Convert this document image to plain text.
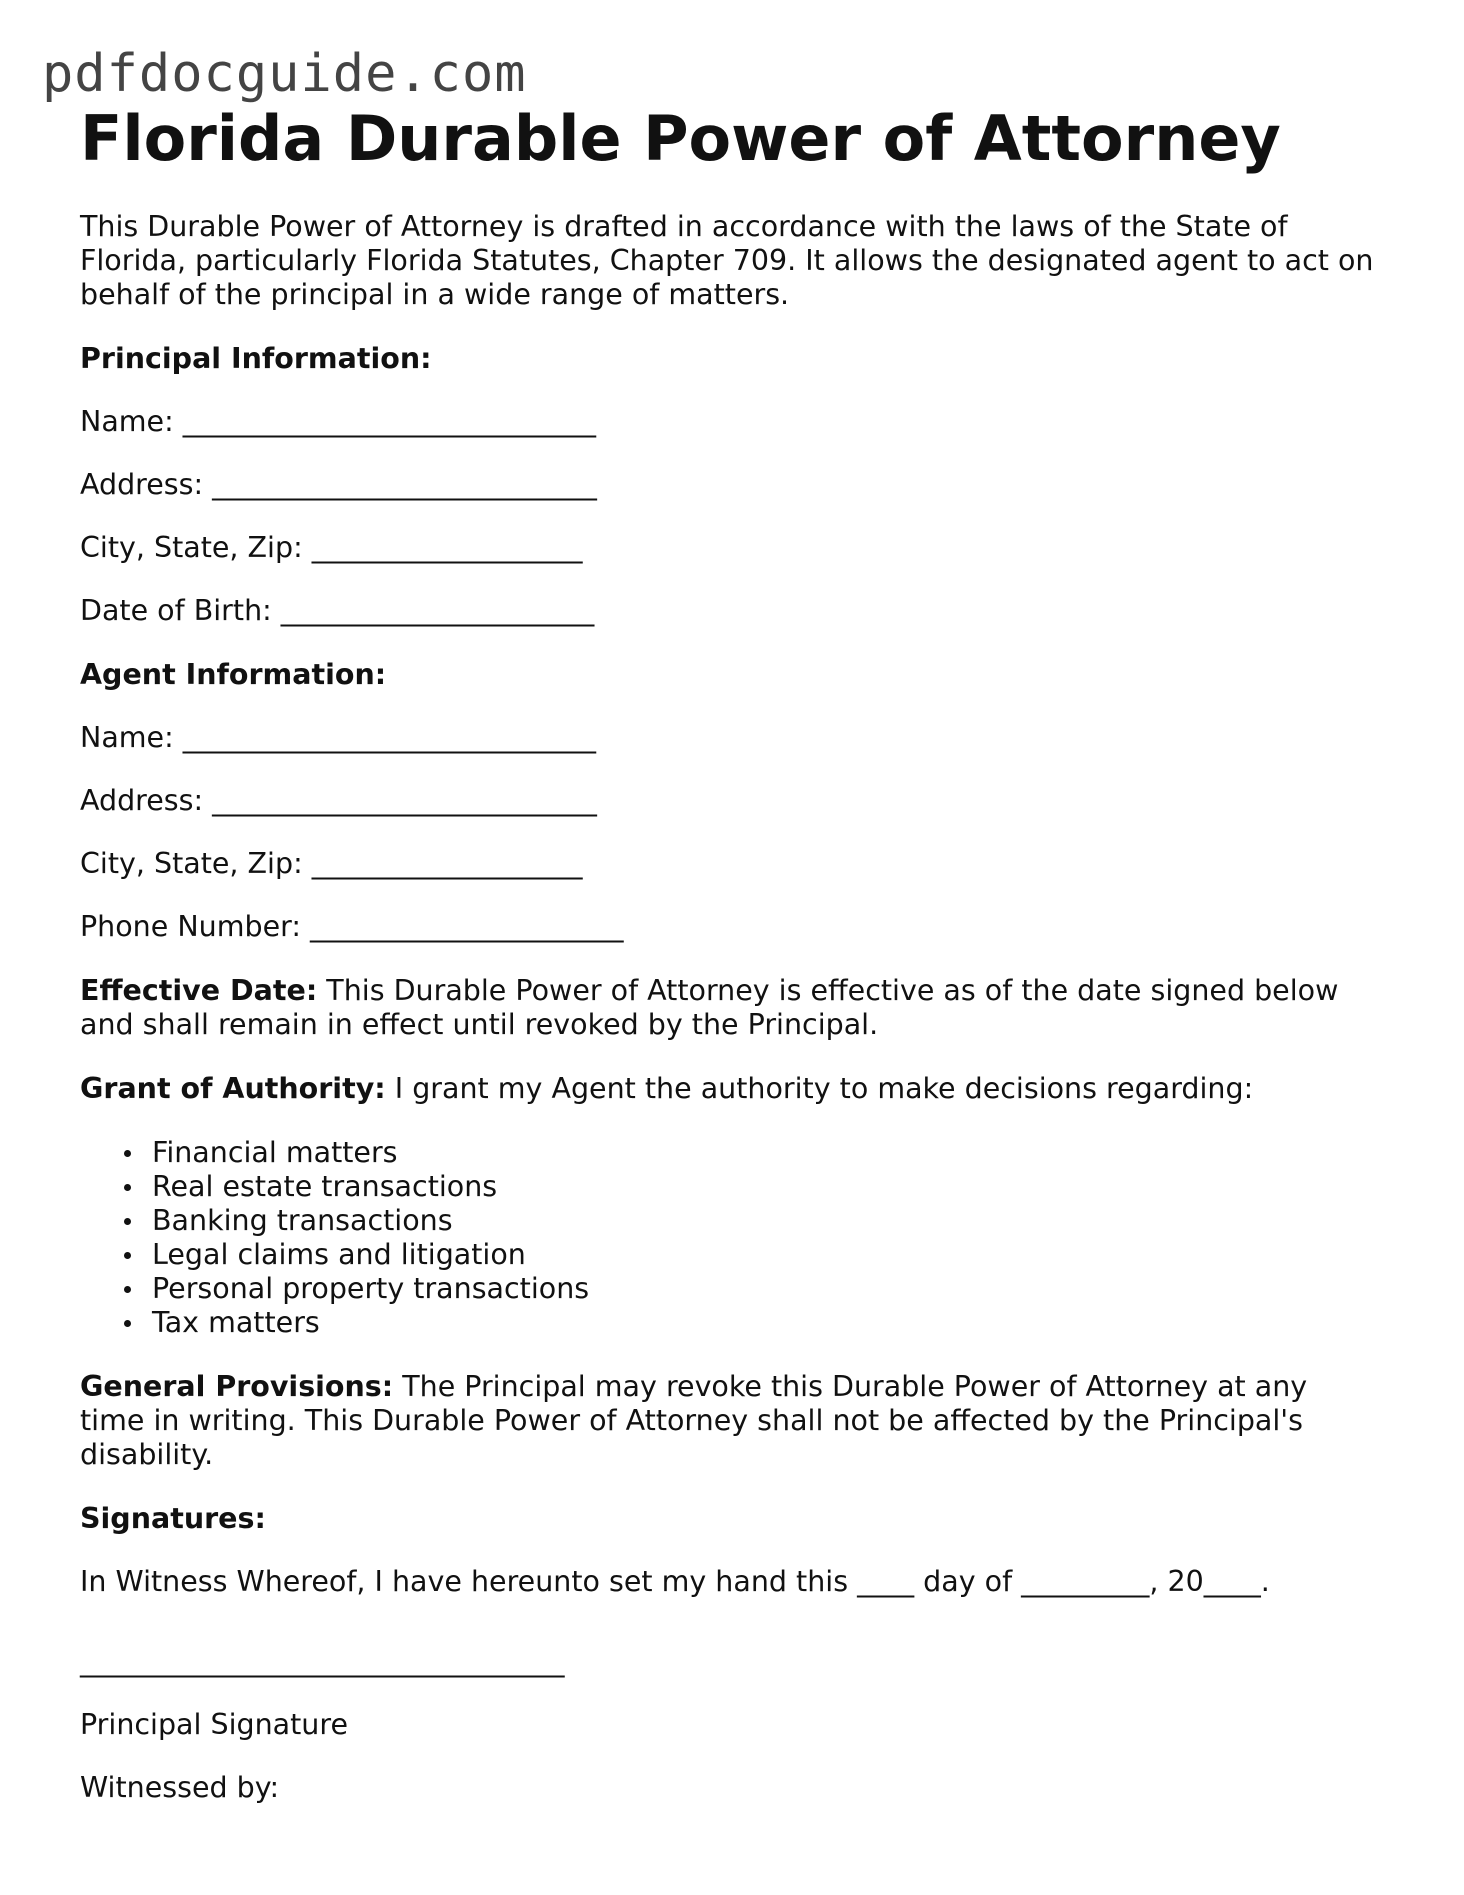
pdfdocguide.com
Florida Durable Power of Attorney

This Durable Power of Attorney is drafted in accordance with the laws of the State of Florida, particularly Florida Statutes, Chapter 709. It allows the designated agent to act on behalf of the principal in a wide range of matters.

Principal Information:

Name: _____________________________

Address: ___________________________

City, State, Zip: ___________________

Date of Birth: ______________________

Agent Information:

Name: _____________________________

Address: ___________________________

City, State, Zip: ___________________

Phone Number: ______________________

Effective Date: This Durable Power of Attorney is effective as of the date signed below and shall remain in effect until revoked by the Principal.

Grant of Authority: I grant my Agent the authority to make decisions regarding:

Financial matters
Real estate transactions
Banking transactions
Legal claims and litigation
Personal property transactions
Tax matters

General Provisions: The Principal may revoke this Durable Power of Attorney at any time in writing. This Durable Power of Attorney shall not be affected by the Principal's disability.

Signatures:

In Witness Whereof, I have hereunto set my hand this ____ day of _________, 20____.

__________________________________

Principal Signature

Witnessed by:
